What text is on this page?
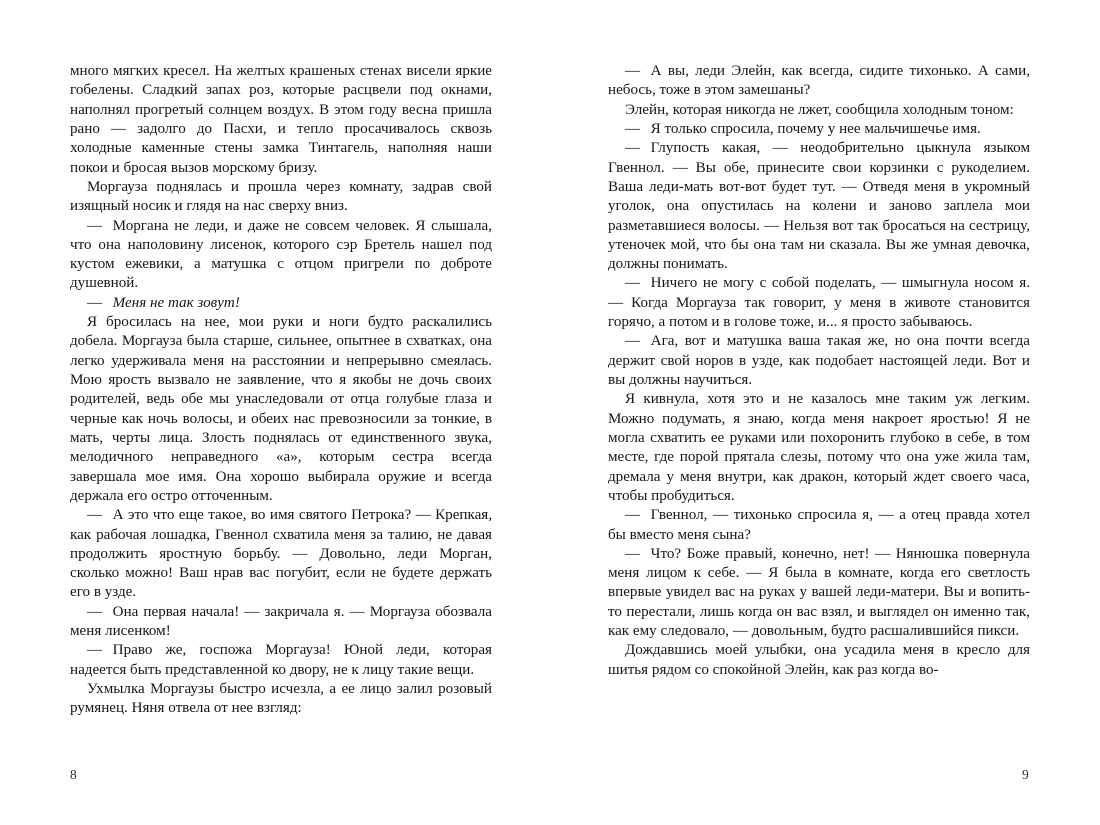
много мягких кресел. На желтых крашеных стенах висели яркие гобелены. Сладкий запах роз, которые расцвели под окнами, наполнял прогретый солнцем воздух. В этом году весна пришла рано — задолго до Пасхи, и тепло просачивалось сквозь холодные каменные стены замка Тинтагель, наполняя наши покои и бросая вызов морскому бризу.

Моргауза поднялась и прошла через комнату, задрав свой изящный носик и глядя на нас сверху вниз.

—   Моргана не леди, и даже не совсем человек. Я слышала, что она наполовину лисенок, которого сэр Бретель нашел под кустом ежевики, а матушка с отцом пригрели по доброте душевной.

—   Меня не так зовут!

Я бросилась на нее, мои руки и ноги будто раскалились добела. Моргауза была старше, сильнее, опытнее в схватках, она легко удерживала меня на расстоянии и непрерывно смеялась. Мою ярость вызвало не заявление, что я якобы не дочь своих родителей, ведь обе мы унаследовали от отца голубые глаза и черные как ночь волосы, и обеих нас превозносили за тонкие, в мать, черты лица. Злость поднялась от единственного звука, мелодичного неправедного «а», которым сестра всегда завершала мое имя. Она хорошо выбирала оружие и всегда держала его остро отточенным.

—   А это что еще такое, во имя святого Петрока? — Крепкая, как рабочая лошадка, Гвеннол схватила меня за талию, не давая продолжить яростную борьбу. — Довольно, леди Морган, сколько можно! Ваш нрав вас погубит, если не будете держать его в узде.

—   Она первая начала! — закричала я. — Моргауза обозвала меня лисенком!

—   Право же, госпожа Моргауза! Юной леди, которая надеется быть представленной ко двору, не к лицу такие вещи.

Ухмылка Моргаузы быстро исчезла, а ее лицо залил розовый румянец. Няня отвела от нее взгляд:

—   А вы, леди Элейн, как всегда, сидите тихонько. А сами, небось, тоже в этом замешаны?

Элейн, которая никогда не лжет, сообщила холодным тоном:

—   Я только спросила, почему у нее мальчишечье имя.

—   Глупость какая, — неодобрительно цыкнула языком Гвеннол. — Вы обе, принесите свои корзинки с рукоделием. Ваша леди-мать вот-вот будет тут. — Отведя меня в укромный уголок, она опустилась на колени и заново заплела мои разметавшиеся волосы. — Нельзя вот так бросаться на сестрицу, утеночек мой, что бы она там ни сказала. Вы же умная девочка, должны понимать.

—   Ничего не могу с собой поделать, — шмыгнула носом я. — Когда Моргауза так говорит, у меня в животе становится горячо, а потом и в голове тоже, и... я просто забываюсь.

—   Ага, вот и матушка ваша такая же, но она почти всегда держит свой норов в узде, как подобает настоящей леди. Вот и вы должны научиться.

Я кивнула, хотя это и не казалось мне таким уж легким. Можно подумать, я знаю, когда меня накроет яростью! Я не могла схватить ее руками или похоронить глубоко в себе, в том месте, где порой прятала слезы, потому что она уже жила там, дремала у меня внутри, как дракон, который ждет своего часа, чтобы пробудиться.

—   Гвеннол, — тихонько спросила я, — а отец правда хотел бы вместо меня сына?

—   Что? Боже правый, конечно, нет! — Нянюшка повернула меня лицом к себе. — Я была в комнате, когда его светлость впервые увидел вас на руках у вашей леди-матери. Вы и вопить-то перестали, лишь когда он вас взял, и выглядел он именно так, как ему следовало, — довольным, будто расшалившийся пикси.

Дождавшись моей улыбки, она усадила меня в кресло для шитья рядом со спокойной Элейн, как раз когда во-

8	9
